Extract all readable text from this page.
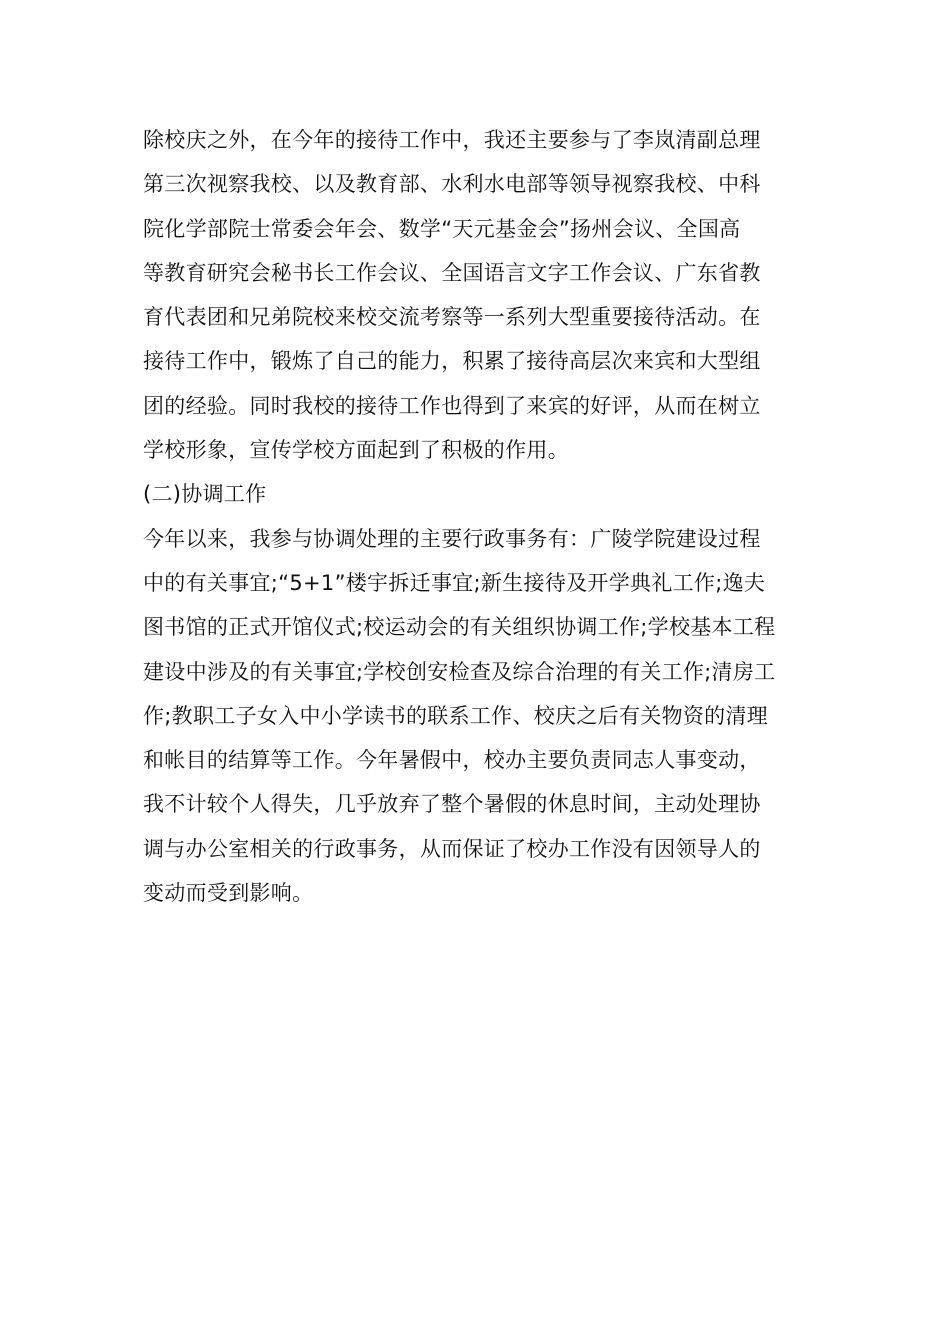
除校庆之外，在今年的接待工作中，我还主要参与了李岚清副总理
第三次视察我校、以及教育部、水利水电部等领导视察我校、中科
院化学部院士常委会年会、数学“天元基金会”扬州会议、全国高
等教育研究会秘书长工作会议、全国语言文字工作会议、广东省教
育代表团和兄弟院校来校交流考察等一系列大型重要接待活动。在
接待工作中，锻炼了自己的能力，积累了接待高层次来宾和大型组
团的经验。同时我校的接待工作也得到了来宾的好评，从而在树立
学校形象，宣传学校方面起到了积极的作用。
(二)协调工作
今年以来，我参与协调处理的主要行政事务有：广陵学院建设过程
中的有关事宜;“5+1”楼宇拆迁事宜;新生接待及开学典礼工作;逸夫
图书馆的正式开馆仪式;校运动会的有关组织协调工作;学校基本工程
建设中涉及的有关事宜;学校创安检查及综合治理的有关工作;清房工
作;教职工子女入中小学读书的联系工作、校庆之后有关物资的清理
和帐目的结算等工作。今年暑假中，校办主要负责同志人事变动，
我不计较个人得失，几乎放弃了整个暑假的休息时间，主动处理协
调与办公室相关的行政事务，从而保证了校办工作没有因领导人的
变动而受到影响。
